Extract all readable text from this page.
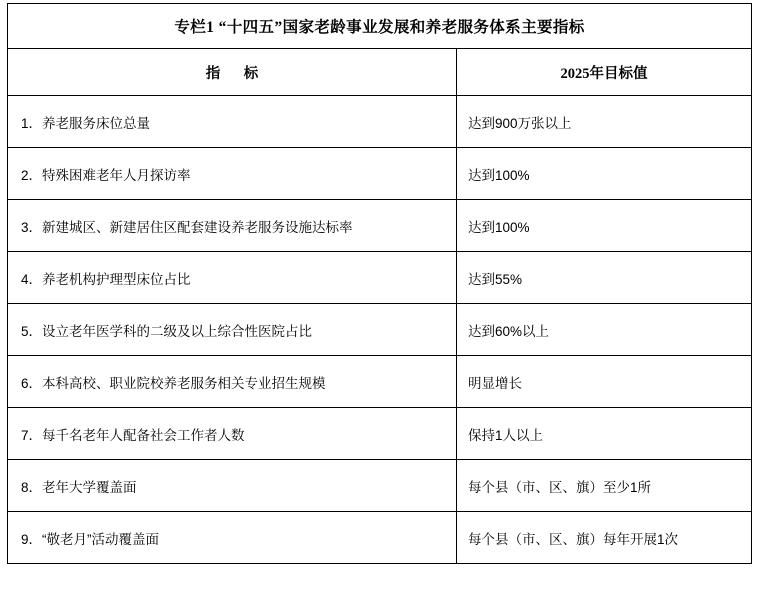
专栏1 “十四五”国家老龄事业发展和养老服务体系主要指标	
指 标	2025年目标值
1．养老服务床位总量	达到900万张以上
2．特殊困难老年人月探访率	达到100%
3．新建城区、新建居住区配套建设养老服务设施达标率	达到100%
4．养老机构护理型床位占比	达到55%
5．设立老年医学科的二级及以上综合性医院占比	达到60%以上
6．本科高校、职业院校养老服务相关专业招生规模	明显增长
7．每千名老年人配备社会工作者人数	保持1人以上
8．老年大学覆盖面	每个县（市、区、旗）至少1所
9．“敬老月”活动覆盖面	每个县（市、区、旗）每年开展1次
